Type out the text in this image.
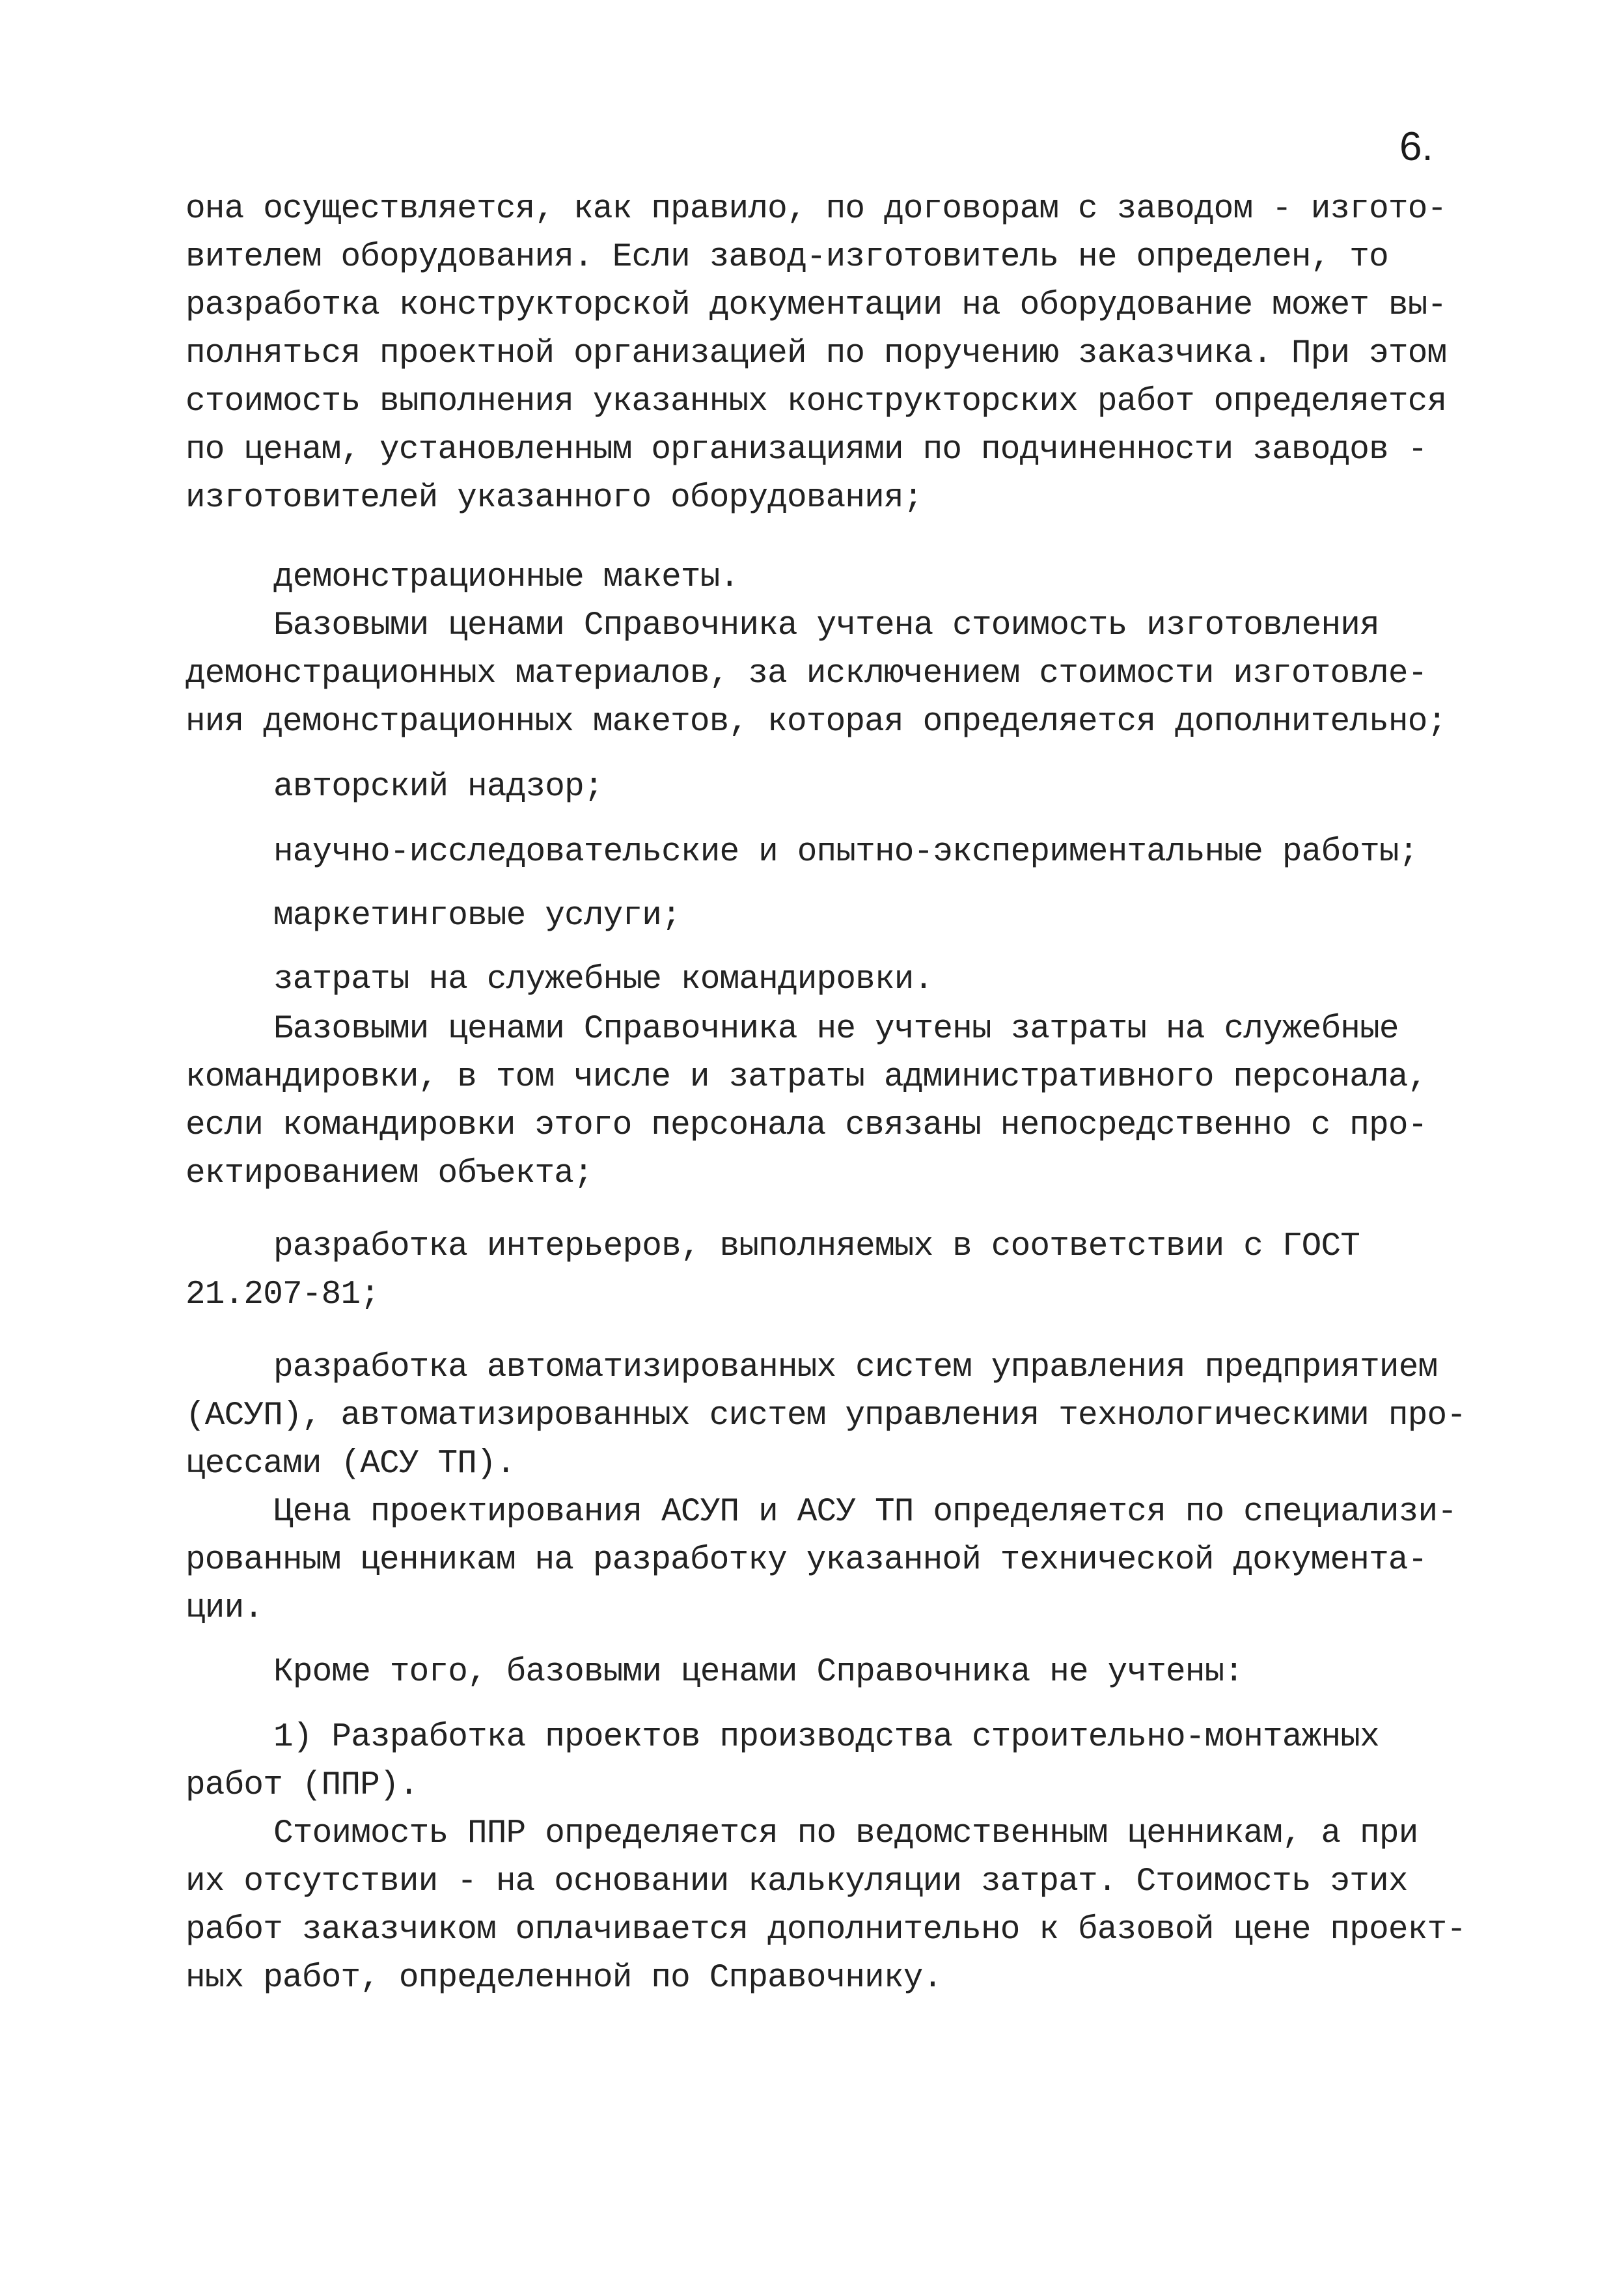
6.
она осуществляется, как правило, по договорам с заводом - изгото-
вителем оборудования. Если завод-изготовитель не определен, то
разработка конструкторской документации на оборудование может вы-
полняться проектной организацией по поручению заказчика. При этом
стоимость выполнения указанных конструкторских работ определяется
по ценам, установленным организациями по подчиненности заводов -
изготовителей указанного оборудования;
демонстрационные макеты.
Базовыми ценами Справочника учтена стоимость изготовления
демонстрационных материалов, за исключением стоимости изготовле-
ния демонстрационных макетов, которая определяется дополнительно;
авторский надзор;
научно-исследовательские и опытно-экспериментальные работы;
маркетинговые услуги;
затраты на служебные командировки.
Базовыми ценами Справочника не учтены затраты на служебные
командировки, в том числе и затраты административного персонала,
если командировки этого персонала связаны непосредственно с про-
ектированием объекта;
разработка интерьеров, выполняемых в соответствии с ГОСТ
21.207-81;
разработка автоматизированных систем управления предприятием
(АСУП), автоматизированных систем управления технологическими про-
цессами (АСУ ТП).
Цена проектирования АСУП и АСУ ТП определяется по специализи-
рованным ценникам на разработку указанной технической документа-
ции.
Кроме того, базовыми ценами Справочника не учтены:
1) Разработка проектов производства строительно-монтажных
работ (ППР).
Стоимость ППР определяется по ведомственным ценникам, а при
их отсутствии - на основании калькуляции затрат. Стоимость этих
работ заказчиком оплачивается дополнительно к базовой цене проект-
ных работ, определенной по Справочнику.
